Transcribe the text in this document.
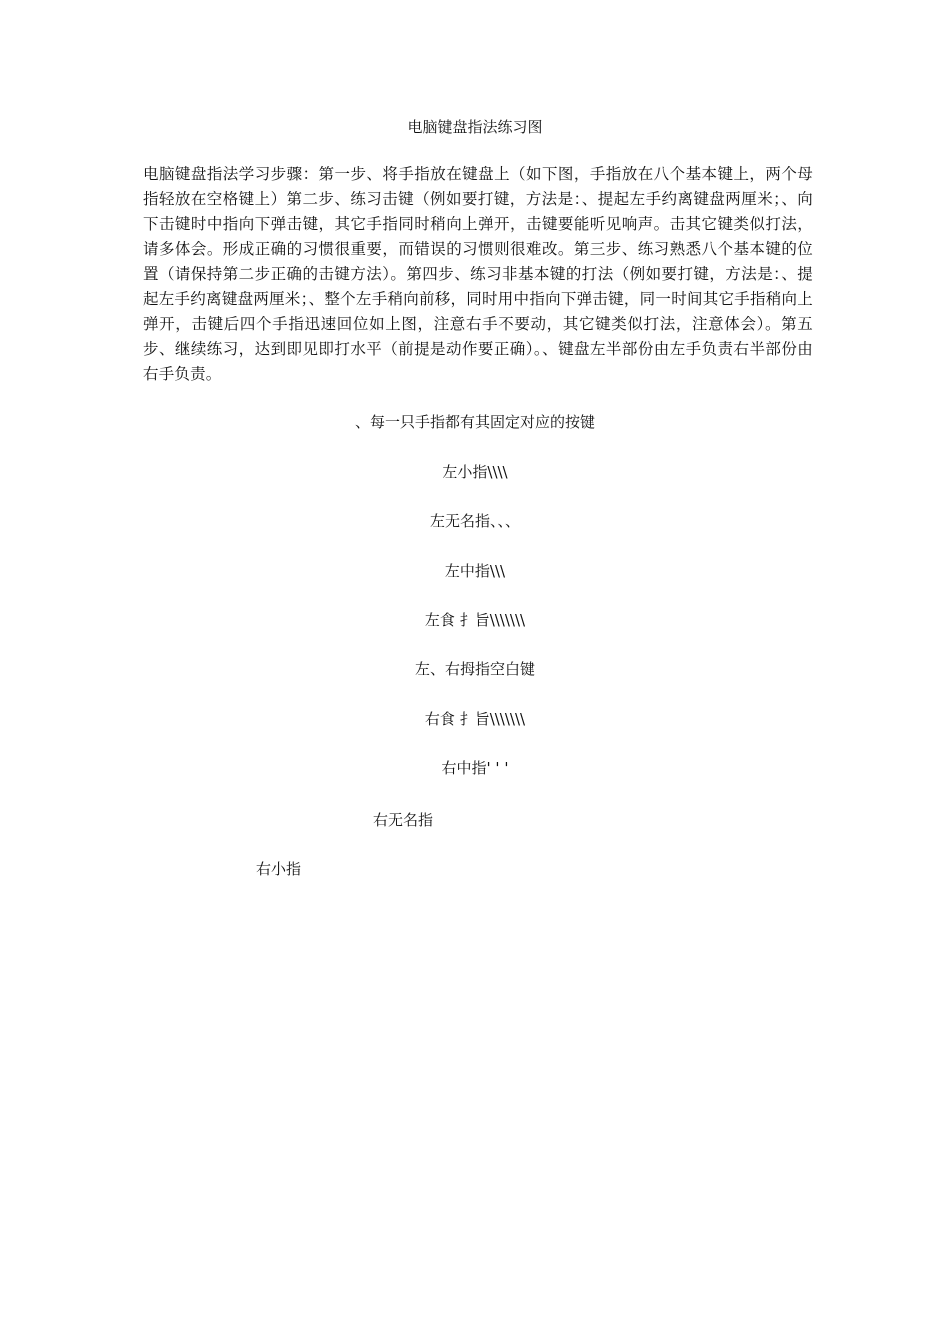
电脑键盘指法练习图

电脑键盘指法学习步骤：第一步、将手指放在键盘上（如下图，手指放在八个基本键上，两个母指轻放在空格键上）第二步、练习击键（例如要打键，方法是：、提起左手约离键盘两厘米；、向下击键时中指向下弹击键，其它手指同时稍向上弹开，击键要能听见响声。击其它键类似打法，请多体会。形成正确的习惯很重要，而错误的习惯则很难改。第三步、练习熟悉八个基本键的位置（请保持第二步正确的击键方法）。第四步、练习非基本键的打法（例如要打键，方法是：、提起左手约离键盘两厘米；、整个左手稍向前移，同时用中指向下弹击键，同一时间其它手指稍向上弹开，击键后四个手指迅速回位如上图，注意右手不要动，其它键类似打法，注意体会）。第五步、继续练习，达到即见即打水平（前提是动作要正确）。、键盘左半部份由左手负责右半部份由右手负责。

、每一只手指都有其固定对应的按键
左小指\\\\
左无名指、、、
左中指\\\
左食 扌旨\\\\\\\
左、右拇指空白键
右食 扌旨\\\\\\\
右中指' ' '
右无名指
右小指
